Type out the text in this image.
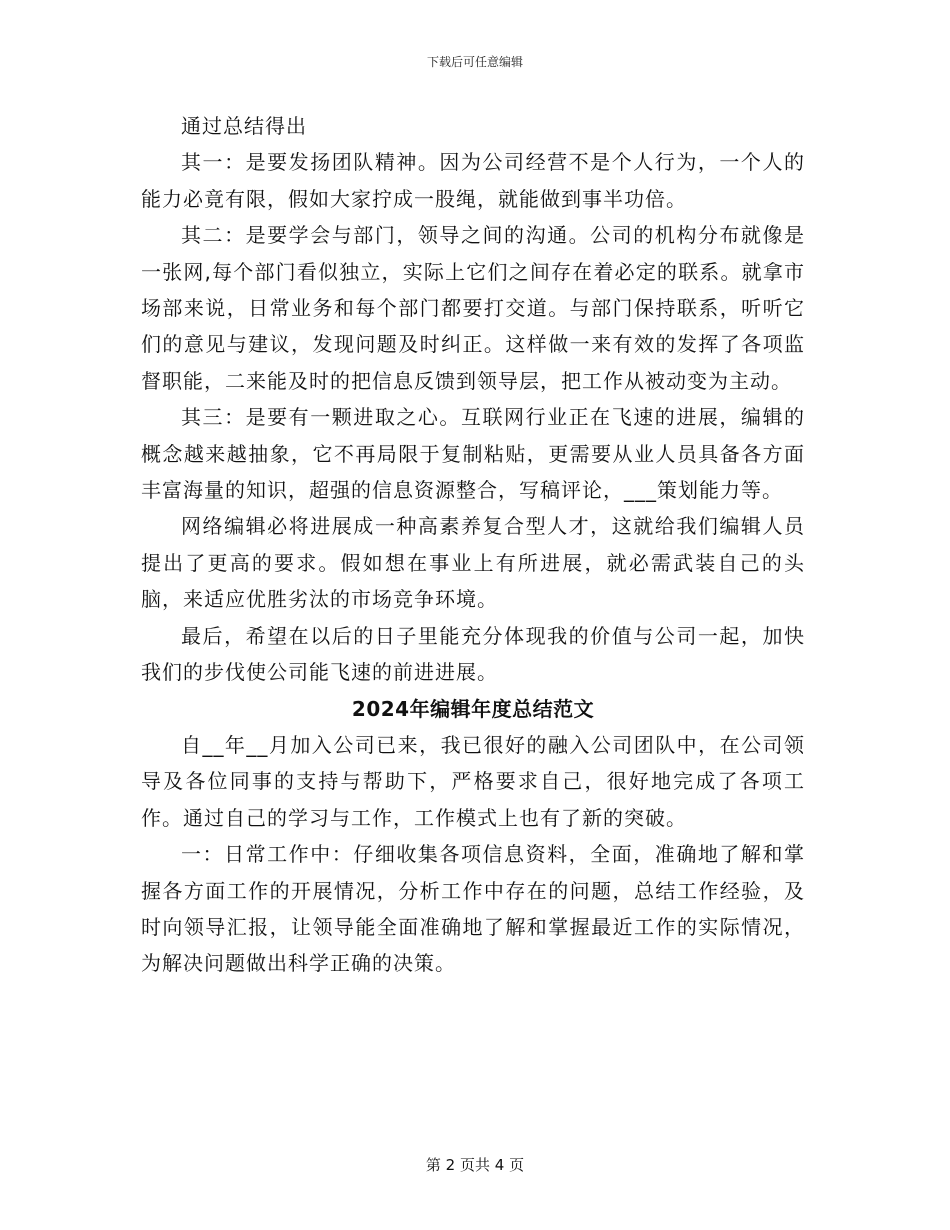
下载后可任意编辑

通过总结得出

其一：是要发扬团队精神。因为公司经营不是个人行为，一个人的能力必竟有限，假如大家拧成一股绳，就能做到事半功倍。

其二：是要学会与部门，领导之间的沟通。公司的机构分布就像是一张网,每个部门看似独立，实际上它们之间存在着必定的联系。就拿市场部来说，日常业务和每个部门都要打交道。与部门保持联系，听听它们的意见与建议，发现问题及时纠正。这样做一来有效的发挥了各项监督职能，二来能及时的把信息反馈到领导层，把工作从被动变为主动。

其三：是要有一颗进取之心。互联网行业正在飞速的进展，编辑的概念越来越抽象，它不再局限于复制粘贴，更需要从业人员具备各方面丰富海量的知识，超强的信息资源整合，写稿评论，___策划能力等。

网络编辑必将进展成一种高素养复合型人才，这就给我们编辑人员提出了更高的要求。假如想在事业上有所进展，就必需武装自己的头脑，来适应优胜劣汰的市场竞争环境。

最后，希望在以后的日子里能充分体现我的价值与公司一起，加快我们的步伐使公司能飞速的前进进展。

2024年编辑年度总结范文

自__年__月加入公司已来，我已很好的融入公司团队中，在公司领导及各位同事的支持与帮助下，严格要求自己，很好地完成了各项工作。通过自己的学习与工作，工作模式上也有了新的突破。

一：日常工作中：仔细收集各项信息资料，全面，准确地了解和掌握各方面工作的开展情况，分析工作中存在的问题，总结工作经验，及时向领导汇报，让领导能全面准确地了解和掌握最近工作的实际情况，为解决问题做出科学正确的决策。

第 2 页共 4 页
